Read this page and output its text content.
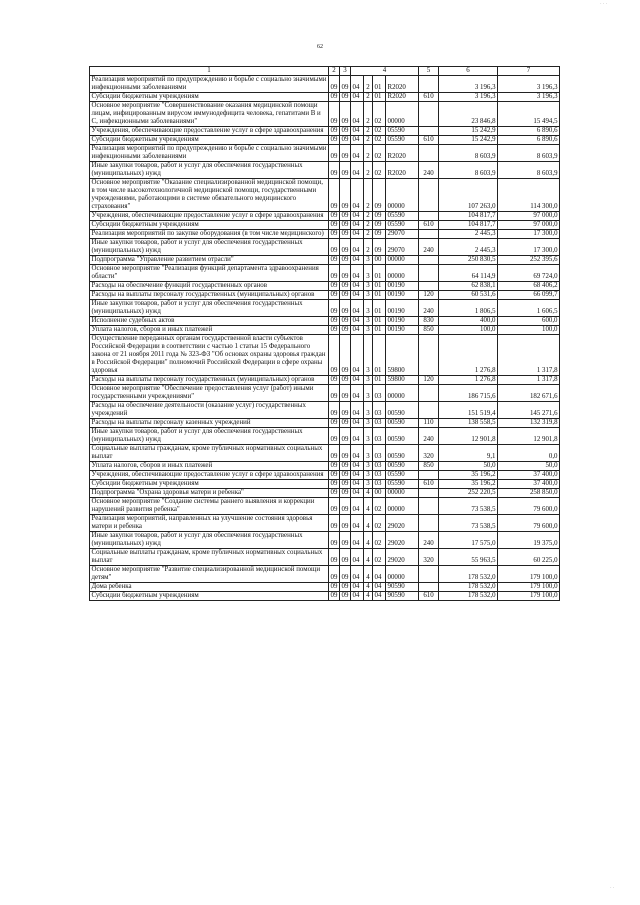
62
1	2	3	4				5	6	7
Реализация мероприятий по предупреждению и борьбе с социально значимыми инфекционными заболеваниями	09	09	04	2	01	R2020		3 196,3	3 196,3
Субсидии бюджетным учреждениям	09	09	04	2	01	R2020	610	3 196,3	3 196,3
Основное мероприятие "Совершенствование оказания медицинской помощи лицам, инфицированным вирусом иммунодефицита человека, гепатитами B и C, инфекционными заболеваниями"	09	09	04	2	02	00000		23 846,8	15 494,5
Учреждения, обеспечивающие предоставление услуг в сфере здравоохранения	09	09	04	2	02	05590		15 242,9	6 890,6
Субсидии бюджетным учреждениям	09	09	04	2	02	05590	610	15 242,9	6 890,6
Реализация мероприятий по предупреждению и борьбе с социально значимыми инфекционными заболеваниями	09	09	04	2	02	R2020		8 603,9	8 603,9
Иные закупки товаров, работ и услуг для обеспечения государственных (муниципальных) нужд	09	09	04	2	02	R2020	240	8 603,9	8 603,9
Основное мероприятие "Оказание специализированной медицинской помощи, в том числе высокотехнологичной медицинской помощи, государственными учреждениями, работающими в системе обязательного медицинского страхования"	09	09	04	2	09	00000		107 263,0	114 300,0
Учреждения, обеспечивающие предоставление услуг в сфере здравоохранения	09	09	04	2	09	05590		104 817,7	97 000,0
Субсидии бюджетным учреждениям	09	09	04	2	09	05590	610	104 817,7	97 000,0
Реализация мероприятий по закупке оборудования (в том числе медицинского)	09	09	04	2	09	29070		2 445,3	17 300,0
Иные закупки товаров, работ и услуг для обеспечения государственных (муниципальных) нужд	09	09	04	2	09	29070	240	2 445,3	17 300,0
Подпрограмма "Управление развитием отрасли"	09	09	04	3	00	00000		250 830,5	252 395,6
Основное мероприятие "Реализация функций департамента здравоохранения области"	09	09	04	3	01	00000		64 114,9	69 724,0
Расходы на обеспечение функций государственных органов	09	09	04	3	01	00190		62 838,1	68 406,2
Расходы на выплаты персоналу государственных (муниципальных) органов	09	09	04	3	01	00190	120	60 531,6	66 099,7
Иные закупки товаров, работ и услуг для обеспечения государственных (муниципальных) нужд	09	09	04	3	01	00190	240	1 806,5	1 606,5
Исполнение судебных актов	09	09	04	3	01	00190	830	400,0	600,0
Уплата налогов, сборов и иных платежей	09	09	04	3	01	00190	850	100,0	100,0
Осуществление переданных органам государственной власти субъектов Российской Федерации в соответствии с частью 1 статьи 15 Федерального закона от 21 ноября 2011 года № 323-ФЗ "Об основах охраны здоровья граждан в Российской Федерации" полномочий Российской Федерации в сфере охраны здоровья	09	09	04	3	01	59800		1 276,8	1 317,8
Расходы на выплаты персоналу государственных (муниципальных) органов	09	09	04	3	01	59800	120	1 276,8	1 317,8
Основное мероприятие "Обеспечение предоставления услуг (работ) иными государственными учреждениями"	09	09	04	3	03	00000		186 715,6	182 671,6
Расходы на обеспечение деятельности (оказание услуг) государственных учреждений	09	09	04	3	03	00590		151 519,4	145 271,6
Расходы на выплаты персоналу казенных учреждений	09	09	04	3	03	00590	110	138 558,5	132 319,8
Иные закупки товаров, работ и услуг для обеспечения государственных (муниципальных) нужд	09	09	04	3	03	00590	240	12 901,8	12 901,8
Социальные выплаты гражданам, кроме публичных нормативных социальных выплат	09	09	04	3	03	00590	320	9,1	0,0
Уплата налогов, сборов и иных платежей	09	09	04	3	03	00590	850	50,0	50,0
Учреждения, обеспечивающие предоставление услуг в сфере здравоохранения	09	09	04	3	03	05590		35 196,2	37 400,0
Субсидии бюджетным учреждениям	09	09	04	3	03	05590	610	35 196,2	37 400,0
Подпрограмма "Охрана здоровья матери и ребенка"	09	09	04	4	00	00000		252 220,5	258 850,0
Основное мероприятие "Создание системы раннего выявления и коррекции нарушений развития ребенка"	09	09	04	4	02	00000		73 538,5	79 600,0
Реализация мероприятий, направленных на улучшение состояния здоровья матери и ребенка	09	09	04	4	02	29020		73 538,5	79 600,0
Иные закупки товаров, работ и услуг для обеспечения государственных (муниципальных) нужд	09	09	04	4	02	29020	240	17 575,0	19 375,0
Социальные выплаты гражданам, кроме публичных нормативных социальных выплат	09	09	04	4	02	29020	320	55 963,5	60 225,0
Основное мероприятие "Развитие специализированной медицинской помощи детям"	09	09	04	4	04	00000		178 532,0	179 100,0
Дома ребенка	09	09	04	4	04	90590		178 532,0	179 100,0
Субсидии бюджетным учреждениям	09	09	04	4	04	90590	610	178 532,0	179 100,0
· · ·
· ·
